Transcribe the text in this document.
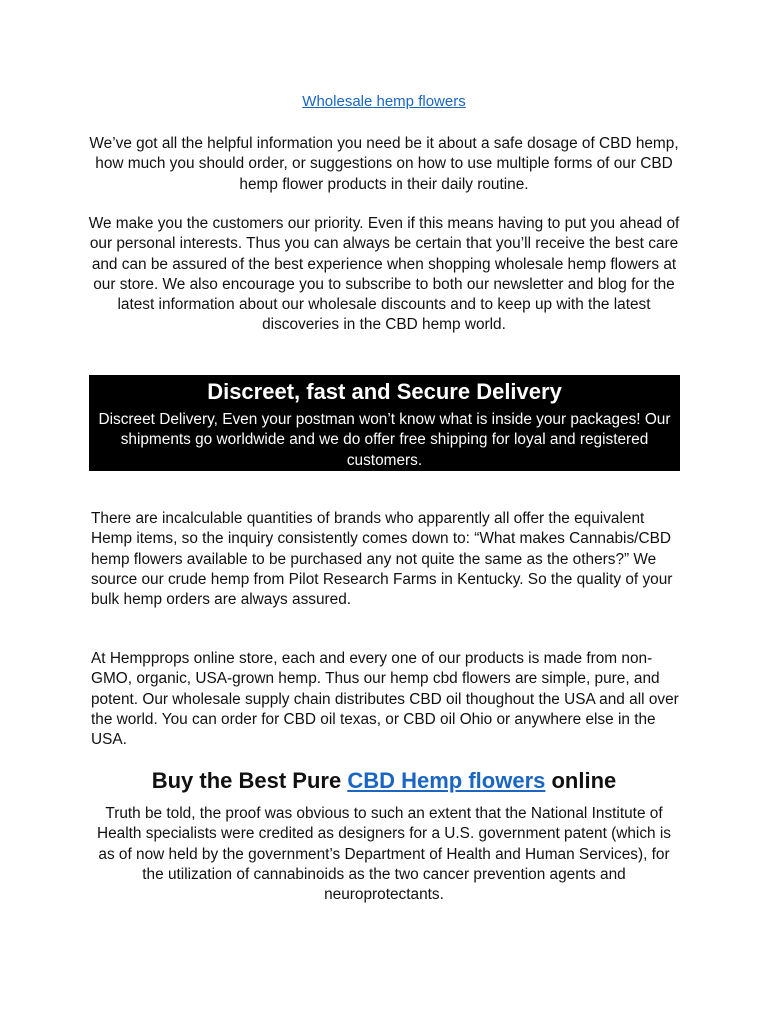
Wholesale hemp flowers

We’ve got all the helpful information you need be it about a safe dosage of CBD hemp, how much you should order, or suggestions on how to use multiple forms of our CBD hemp flower products in their daily routine.

We make you the customers our priority. Even if this means having to put you ahead of our personal interests. Thus you can always be certain that you’ll receive the best care and can be assured of the best experience when shopping wholesale hemp flowers at our store. We also encourage you to subscribe to both our newsletter and blog for the latest information about our wholesale discounts and to keep up with the latest discoveries in the CBD hemp world.

Discreet, fast and Secure Delivery

Discreet Delivery, Even your postman won’t know what is inside your packages! Our shipments go worldwide and we do offer free shipping for loyal and registered customers.

There are incalculable quantities of brands who apparently all offer the equivalent Hemp items, so the inquiry consistently comes down to: “What makes Cannabis/CBD hemp flowers available to be purchased any not quite the same as the others?” We source our crude hemp from Pilot Research Farms in Kentucky. So the quality of your bulk hemp orders are always assured.

At Hempprops online store, each and every one of our products is made from non-GMO, organic, USA-grown hemp. Thus our hemp cbd flowers are simple, pure, and potent. Our wholesale supply chain distributes CBD oil thoughout the USA and all over the world. You can order for CBD oil texas, or CBD oil Ohio or anywhere else in the USA.

Buy the Best Pure CBD Hemp flowers online

Truth be told, the proof was obvious to such an extent that the National Institute of Health specialists were credited as designers for a U.S. government patent (which is as of now held by the government’s Department of Health and Human Services), for the utilization of cannabinoids as the two cancer prevention agents and neuroprotectants.
